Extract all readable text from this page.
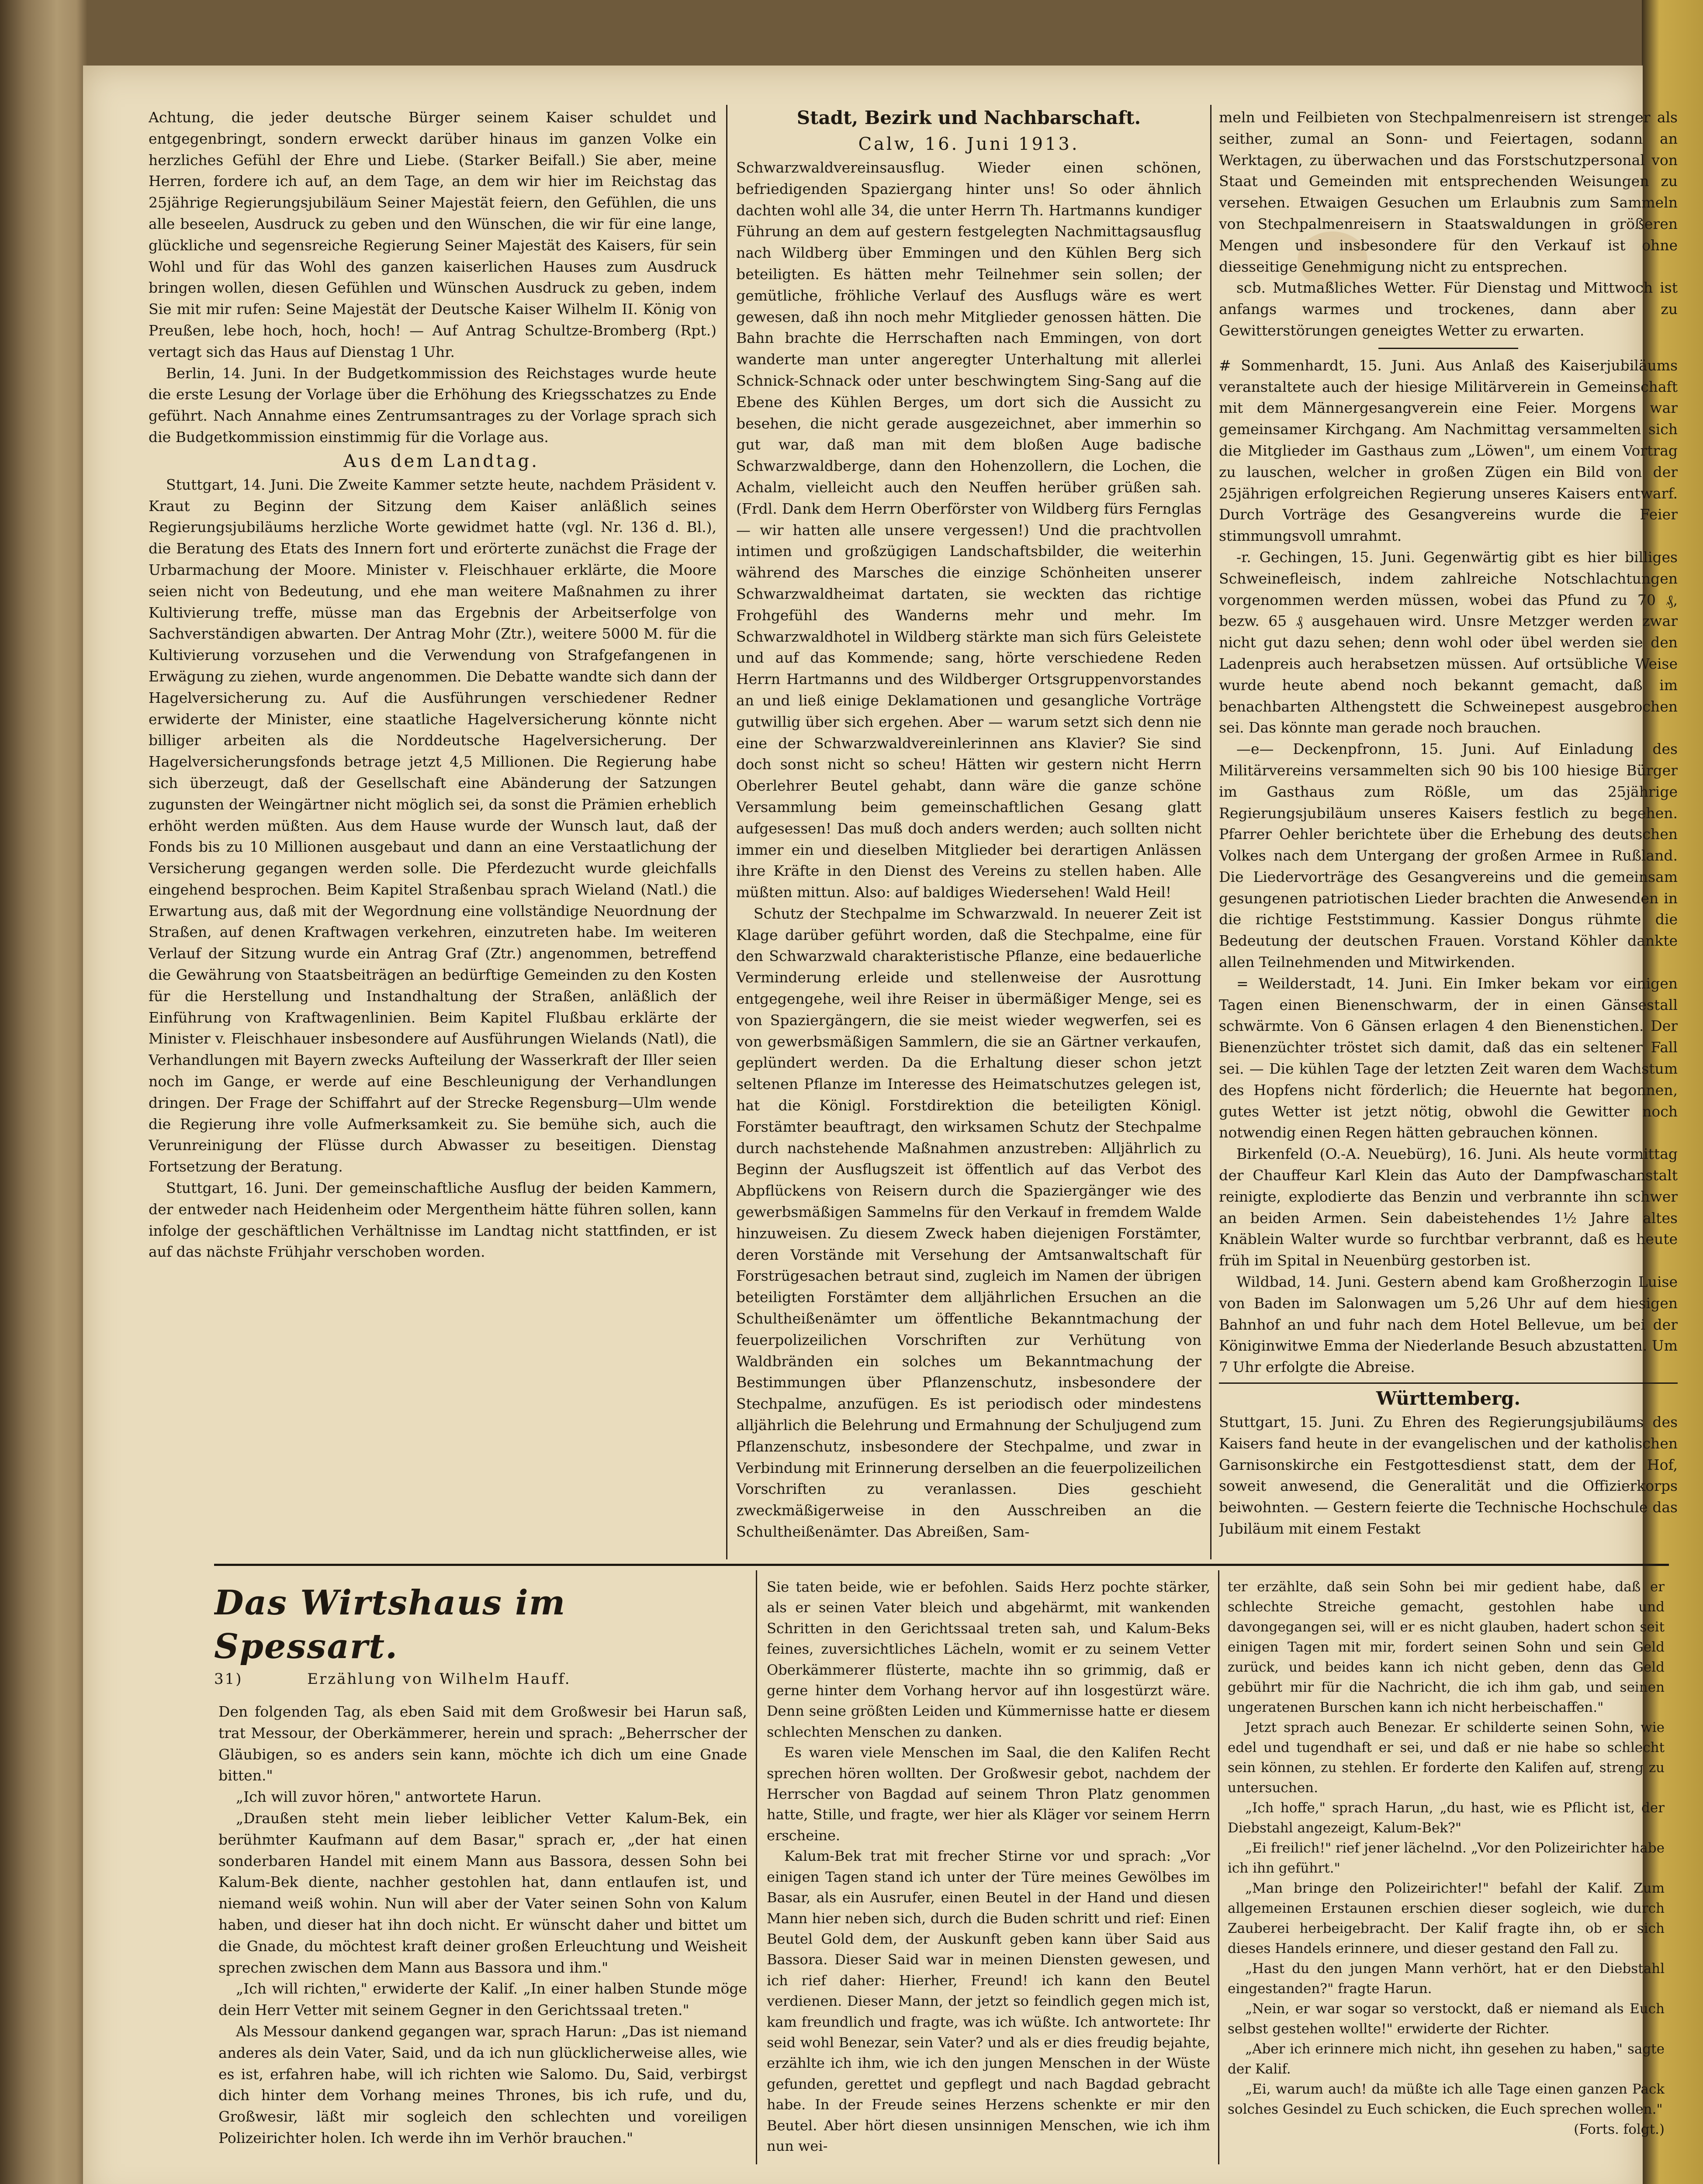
Achtung, die jeder deutsche Bürger seinem Kaiser schuldet und entgegenbringt, sondern erweckt darüber hinaus im ganzen Volke ein herzliches Gefühl der Ehre und Liebe. (Starker Beifall.) Sie aber, meine Herren, fordere ich auf, an dem Tage, an dem wir hier im Reichstag das 25jährige Regierungsjubiläum Seiner Majestät feiern, den Gefühlen, die uns alle beseelen, Ausdruck zu geben und den Wünschen, die wir für eine lange, glückliche und segensreiche Regierung Seiner Majestät des Kaisers, für sein Wohl und für das Wohl des ganzen kaiserlichen Hauses zum Ausdruck bringen wollen, diesen Gefühlen und Wünschen Ausdruck zu geben, indem Sie mit mir rufen: Seine Majestät der Deutsche Kaiser Wilhelm II. König von Preußen, lebe hoch, hoch, hoch! — Auf Antrag Schultze-Bromberg (Rpt.) vertagt sich das Haus auf Dienstag 1 Uhr.

Berlin, 14. Juni. In der Budgetkommission des Reichstages wurde heute die erste Lesung der Vorlage über die Erhöhung des Kriegsschatzes zu Ende geführt. Nach Annahme eines Zentrumsantrages zu der Vorlage sprach sich die Budgetkommission einstimmig für die Vorlage aus.

Aus dem Landtag.

Stuttgart, 14. Juni. Die Zweite Kammer setzte heute, nachdem Präsident v. Kraut zu Beginn der Sitzung dem Kaiser anläßlich seines Regierungsjubiläums herzliche Worte gewidmet hatte (vgl. Nr. 136 d. Bl.), die Beratung des Etats des Innern fort und erörterte zunächst die Frage der Urbarmachung der Moore. Minister v. Fleischhauer erklärte, die Moore seien nicht von Bedeutung, und ehe man weitere Maßnahmen zu ihrer Kultivierung treffe, müsse man das Ergebnis der Arbeitserfolge von Sachverständigen abwarten. Der Antrag Mohr (Ztr.), weitere 5000 M. für die Kultivierung vorzusehen und die Verwendung von Strafgefangenen in Erwägung zu ziehen, wurde angenommen. Die Debatte wandte sich dann der Hagelversicherung zu. Auf die Ausführungen verschiedener Redner erwiderte der Minister, eine staatliche Hagelversicherung könnte nicht billiger arbeiten als die Norddeutsche Hagelversicherung. Der Hagelversicherungsfonds betrage jetzt 4,5 Millionen. Die Regierung habe sich überzeugt, daß der Gesellschaft eine Abänderung der Satzungen zugunsten der Weingärtner nicht möglich sei, da sonst die Prämien erheblich erhöht werden müßten. Aus dem Hause wurde der Wunsch laut, daß der Fonds bis zu 10 Millionen ausgebaut und dann an eine Verstaatlichung der Versicherung gegangen werden solle. Die Pferdezucht wurde gleichfalls eingehend besprochen. Beim Kapitel Straßenbau sprach Wieland (Natl.) die Erwartung aus, daß mit der Wegordnung eine vollständige Neuordnung der Straßen, auf denen Kraftwagen verkehren, einzutreten habe. Im weiteren Verlauf der Sitzung wurde ein Antrag Graf (Ztr.) angenommen, betreffend die Gewährung von Staatsbeiträgen an bedürftige Gemeinden zu den Kosten für die Herstellung und Instandhaltung der Straßen, anläßlich der Einführung von Kraftwagenlinien. Beim Kapitel Flußbau erklärte der Minister v. Fleischhauer insbesondere auf Ausführungen Wielands (Natl), die Verhandlungen mit Bayern zwecks Aufteilung der Wasserkraft der Iller seien noch im Gange, er werde auf eine Beschleunigung der Verhandlungen dringen. Der Frage der Schiffahrt auf der Strecke Regensburg—Ulm wende die Regierung ihre volle Aufmerksamkeit zu. Sie bemühe sich, auch die Verunreinigung der Flüsse durch Abwasser zu beseitigen. Dienstag Fortsetzung der Beratung.

Stuttgart, 16. Juni. Der gemeinschaftliche Ausflug der beiden Kammern, der entweder nach Heidenheim oder Mergentheim hätte führen sollen, kann infolge der geschäftlichen Verhältnisse im Landtag nicht stattfinden, er ist auf das nächste Frühjahr verschoben worden.

Stadt, Bezirk und Nachbarschaft.
Calw, 16. Juni 1913.

Schwarzwaldvereinsausflug. Wieder einen schönen, befriedigenden Spaziergang hinter uns! So oder ähnlich dachten wohl alle 34, die unter Herrn Th. Hartmanns kundiger Führung an dem auf gestern festgelegten Nachmittagsausflug nach Wildberg über Emmingen und den Kühlen Berg sich beteiligten. Es hätten mehr Teilnehmer sein sollen; der gemütliche, fröhliche Verlauf des Ausflugs wäre es wert gewesen, daß ihn noch mehr Mitglieder genossen hätten. Die Bahn brachte die Herrschaften nach Emmingen, von dort wanderte man unter angeregter Unterhaltung mit allerlei Schnick-Schnack oder unter beschwingtem Sing-Sang auf die Ebene des Kühlen Berges, um dort sich die Aussicht zu besehen, die nicht gerade ausgezeichnet, aber immerhin so gut war, daß man mit dem bloßen Auge badische Schwarzwaldberge, dann den Hohenzollern, die Lochen, die Achalm, vielleicht auch den Neuffen herüber grüßen sah. (Frdl. Dank dem Herrn Oberförster von Wildberg fürs Fernglas — wir hatten alle unsere vergessen!) Und die prachtvollen intimen und großzügigen Landschaftsbilder, die weiterhin während des Marsches die einzige Schönheiten unserer Schwarzwaldheimat dartaten, sie weckten das richtige Frohgefühl des Wanderns mehr und mehr. Im Schwarzwaldhotel in Wildberg stärkte man sich fürs Geleistete und auf das Kommende; sang, hörte verschiedene Reden Herrn Hartmanns und des Wildberger Ortsgruppenvorstandes an und ließ einige Deklamationen und gesangliche Vorträge gutwillig über sich ergehen. Aber — warum setzt sich denn nie eine der Schwarzwaldvereinlerinnen ans Klavier? Sie sind doch sonst nicht so scheu! Hätten wir gestern nicht Herrn Oberlehrer Beutel gehabt, dann wäre die ganze schöne Versammlung beim gemeinschaftlichen Gesang glatt aufgesessen! Das muß doch anders werden; auch sollten nicht immer ein und dieselben Mitglieder bei derartigen Anlässen ihre Kräfte in den Dienst des Vereins zu stellen haben. Alle müßten mittun. Also: auf baldiges Wiedersehen! Wald Heil!

Schutz der Stechpalme im Schwarzwald. In neuerer Zeit ist Klage darüber geführt worden, daß die Stechpalme, eine für den Schwarzwald charakteristische Pflanze, eine bedauerliche Verminderung erleide und stellenweise der Ausrottung entgegengehe, weil ihre Reiser in übermäßiger Menge, sei es von Spaziergängern, die sie meist wieder wegwerfen, sei es von gewerbsmäßigen Sammlern, die sie an Gärtner verkaufen, geplündert werden. Da die Erhaltung dieser schon jetzt seltenen Pflanze im Interesse des Heimatschutzes gelegen ist, hat die Königl. Forstdirektion die beteiligten Königl. Forstämter beauftragt, den wirksamen Schutz der Stechpalme durch nachstehende Maßnahmen anzustreben: Alljährlich zu Beginn der Ausflugszeit ist öffentlich auf das Verbot des Abpflückens von Reisern durch die Spaziergänger wie des gewerbsmäßigen Sammelns für den Verkauf in fremdem Walde hinzuweisen. Zu diesem Zweck haben diejenigen Forstämter, deren Vorstände mit Versehung der Amtsanwaltschaft für Forstrügesachen betraut sind, zugleich im Namen der übrigen beteiligten Forstämter dem alljährlichen Ersuchen an die Schultheißenämter um öffentliche Bekanntmachung der feuerpolizeilichen Vorschriften zur Verhütung von Waldbränden ein solches um Bekanntmachung der Bestimmungen über Pflanzenschutz, insbesondere der Stechpalme, anzufügen. Es ist periodisch oder mindestens alljährlich die Belehrung und Ermahnung der Schuljugend zum Pflanzenschutz, insbesondere der Stechpalme, und zwar in Verbindung mit Erinnerung derselben an die feuerpolizeilichen Vorschriften zu veranlassen. Dies geschieht zweckmäßigerweise in den Ausschreiben an die Schultheißenämter. Das Abreißen, Sam-

meln und Feilbieten von Stechpalmenreisern ist strenger als seither, zumal an Sonn- und Feiertagen, sodann an Werktagen, zu überwachen und das Forstschutzpersonal von Staat und Gemeinden mit entsprechenden Weisungen zu versehen. Etwaigen Gesuchen um Erlaubnis zum Sammeln von Stechpalmenreisern in Staatswaldungen in größeren Mengen und insbesondere für den Verkauf ist ohne diesseitige Genehmigung nicht zu entsprechen.

scb. Mutmaßliches Wetter. Für Dienstag und Mittwoch ist anfangs warmes und trockenes, dann aber zu Gewitterstörungen geneigtes Wetter zu erwarten.

# Sommenhardt, 15. Juni. Aus Anlaß des Kaiserjubiläums veranstaltete auch der hiesige Militärverein in Gemeinschaft mit dem Männergesangverein eine Feier. Morgens war gemeinsamer Kirchgang. Am Nachmittag versammelten sich die Mitglieder im Gasthaus zum „Löwen", um einem Vortrag zu lauschen, welcher in großen Zügen ein Bild von der 25jährigen erfolgreichen Regierung unseres Kaisers entwarf. Durch Vorträge des Gesangvereins wurde die Feier stimmungsvoll umrahmt.

-r. Gechingen, 15. Juni. Gegenwärtig gibt es hier billiges Schweinefleisch, indem zahlreiche Notschlachtungen vorgenommen werden müssen, wobei das Pfund zu 70 ₰, bezw. 65 ₰ ausgehauen wird. Unsre Metzger werden zwar nicht gut dazu sehen; denn wohl oder übel werden sie den Ladenpreis auch herabsetzen müssen. Auf ortsübliche Weise wurde heute abend noch bekannt gemacht, daß im benachbarten Althengstett die Schweinepest ausgebrochen sei. Das könnte man gerade noch brauchen.

—e— Deckenpfronn, 15. Juni. Auf Einladung des Militärvereins versammelten sich 90 bis 100 hiesige Bürger im Gasthaus zum Rößle, um das 25jährige Regierungsjubiläum unseres Kaisers festlich zu begehen. Pfarrer Oehler berichtete über die Erhebung des deutschen Volkes nach dem Untergang der großen Armee in Rußland. Die Liedervorträge des Gesangvereins und die gemeinsam gesungenen patriotischen Lieder brachten die Anwesenden in die richtige Feststimmung. Kassier Dongus rühmte die Bedeutung der deutschen Frauen. Vorstand Köhler dankte allen Teilnehmenden und Mitwirkenden.

= Weilderstadt, 14. Juni. Ein Imker bekam vor einigen Tagen einen Bienenschwarm, der in einen Gänsestall schwärmte. Von 6 Gänsen erlagen 4 den Bienenstichen. Der Bienenzüchter tröstet sich damit, daß das ein seltener Fall sei. — Die kühlen Tage der letzten Zeit waren dem Wachstum des Hopfens nicht förderlich; die Heuernte hat begonnen, gutes Wetter ist jetzt nötig, obwohl die Gewitter noch notwendig einen Regen hätten gebrauchen können.

Birkenfeld (O.-A. Neuebürg), 16. Juni. Als heute vormittag der Chauffeur Karl Klein das Auto der Dampfwaschanstalt reinigte, explodierte das Benzin und verbrannte ihn schwer an beiden Armen. Sein dabeistehendes 1½ Jahre altes Knäblein Walter wurde so furchtbar verbrannt, daß es heute früh im Spital in Neuenbürg gestorben ist.

Wildbad, 14. Juni. Gestern abend kam Großherzogin Luise von Baden im Salonwagen um 5,26 Uhr auf dem hiesigen Bahnhof an und fuhr nach dem Hotel Bellevue, um bei der Königinwitwe Emma der Niederlande Besuch abzustatten. Um 7 Uhr erfolgte die Abreise.

Württemberg.

Stuttgart, 15. Juni. Zu Ehren des Regierungsjubiläums des Kaisers fand heute in der evangelischen und der katholischen Garnisonskirche ein Festgottesdienst statt, dem der Hof, soweit anwesend, die Generalität und die Offizierkorps beiwohnten. — Gestern feierte die Technische Hochschule das Jubiläum mit einem Festakt

Das Wirtshaus im Spessart.
31)	Erzählung von Wilhelm Hauff.

Den folgenden Tag, als eben Said mit dem Großwesir bei Harun saß, trat Messour, der Oberkämmerer, herein und sprach: „Beherrscher der Gläubigen, so es anders sein kann, möchte ich dich um eine Gnade bitten."

„Ich will zuvor hören," antwortete Harun.

„Draußen steht mein lieber leiblicher Vetter Kalum-Bek, ein berühmter Kaufmann auf dem Basar," sprach er, „der hat einen sonderbaren Handel mit einem Mann aus Bassora, dessen Sohn bei Kalum-Bek diente, nachher gestohlen hat, dann entlaufen ist, und niemand weiß wohin. Nun will aber der Vater seinen Sohn von Kalum haben, und dieser hat ihn doch nicht. Er wünscht daher und bittet um die Gnade, du möchtest kraft deiner großen Erleuchtung und Weisheit sprechen zwischen dem Mann aus Bassora und ihm."

„Ich will richten," erwiderte der Kalif. „In einer halben Stunde möge dein Herr Vetter mit seinem Gegner in den Gerichtssaal treten."

Als Messour dankend gegangen war, sprach Harun: „Das ist niemand anderes als dein Vater, Said, und da ich nun glücklicherweise alles, wie es ist, erfahren habe, will ich richten wie Salomo. Du, Said, verbirgst dich hinter dem Vorhang meines Thrones, bis ich rufe, und du, Großwesir, läßt mir sogleich den schlechten und voreiligen Polizeirichter holen. Ich werde ihn im Verhör brauchen."

Sie taten beide, wie er befohlen. Saids Herz pochte stärker, als er seinen Vater bleich und abgehärmt, mit wankenden Schritten in den Gerichtssaal treten sah, und Kalum-Beks feines, zuversichtliches Lächeln, womit er zu seinem Vetter Oberkämmerer flüsterte, machte ihn so grimmig, daß er gerne hinter dem Vorhang hervor auf ihn losgestürzt wäre. Denn seine größten Leiden und Kümmernisse hatte er diesem schlechten Menschen zu danken.

Es waren viele Menschen im Saal, die den Kalifen Recht sprechen hören wollten. Der Großwesir gebot, nachdem der Herrscher von Bagdad auf seinem Thron Platz genommen hatte, Stille, und fragte, wer hier als Kläger vor seinem Herrn erscheine.

Kalum-Bek trat mit frecher Stirne vor und sprach: „Vor einigen Tagen stand ich unter der Türe meines Gewölbes im Basar, als ein Ausrufer, einen Beutel in der Hand und diesen Mann hier neben sich, durch die Buden schritt und rief: Einen Beutel Gold dem, der Auskunft geben kann über Said aus Bassora. Dieser Said war in meinen Diensten gewesen, und ich rief daher: Hierher, Freund! ich kann den Beutel verdienen. Dieser Mann, der jetzt so feindlich gegen mich ist, kam freundlich und fragte, was ich wüßte. Ich antwortete: Ihr seid wohl Benezar, sein Vater? und als er dies freudig bejahte, erzählte ich ihm, wie ich den jungen Menschen in der Wüste gefunden, gerettet und gepflegt und nach Bagdad gebracht habe. In der Freude seines Herzens schenkte er mir den Beutel. Aber hört diesen unsinnigen Menschen, wie ich ihm nun wei-

ter erzählte, daß sein Sohn bei mir gedient habe, daß er schlechte Streiche gemacht, gestohlen habe und davongegangen sei, will er es nicht glauben, hadert schon seit einigen Tagen mit mir, fordert seinen Sohn und sein Geld zurück, und beides kann ich nicht geben, denn das Geld gebührt mir für die Nachricht, die ich ihm gab, und seinen ungeratenen Burschen kann ich nicht herbeischaffen."

Jetzt sprach auch Benezar. Er schilderte seinen Sohn, wie edel und tugendhaft er sei, und daß er nie habe so schlecht sein können, zu stehlen. Er forderte den Kalifen auf, streng zu untersuchen.

„Ich hoffe," sprach Harun, „du hast, wie es Pflicht ist, der Diebstahl angezeigt, Kalum-Bek?"

„Ei freilich!" rief jener lächelnd. „Vor den Polizeirichter habe ich ihn geführt."

„Man bringe den Polizeirichter!" befahl der Kalif. Zum allgemeinen Erstaunen erschien dieser sogleich, wie durch Zauberei herbeigebracht. Der Kalif fragte ihn, ob er sich dieses Handels erinnere, und dieser gestand den Fall zu.

„Hast du den jungen Mann verhört, hat er den Diebstahl eingestanden?" fragte Harun.

„Nein, er war sogar so verstockt, daß er niemand als Euch selbst gestehen wollte!" erwiderte der Richter.

„Aber ich erinnere mich nicht, ihn gesehen zu haben," sagte der Kalif.

„Ei, warum auch! da müßte ich alle Tage einen ganzen Pack solches Gesindel zu Euch schicken, die Euch sprechen wollen."

(Forts. folgt.)
